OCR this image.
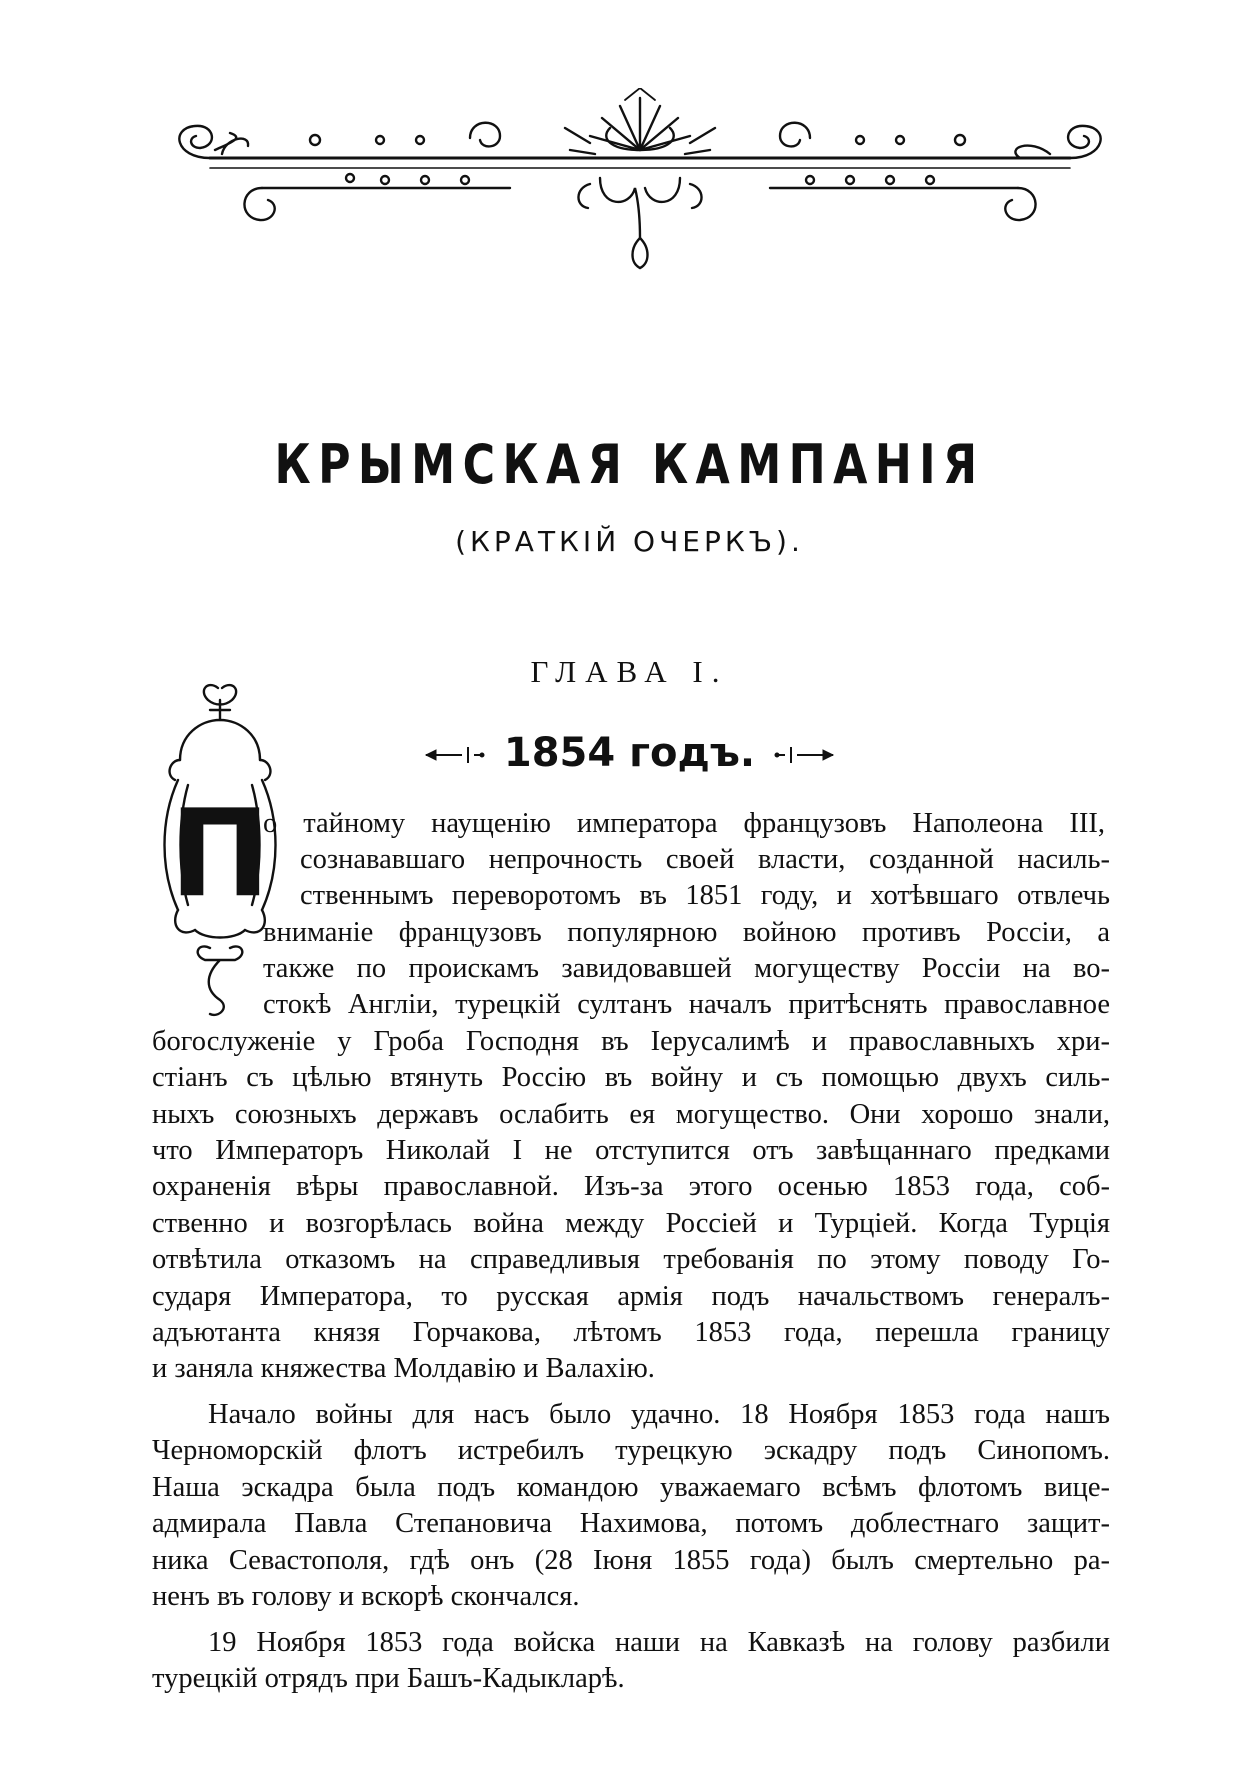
КРЫМСКАЯ КАМПАНІЯ
(КРАТКІЙ ОЧЕРКЪ).
ГЛАВА I.
1854 годъ.
П
о тайному наущенію императора французовъ Наполеона III,
сознававшаго непрочность своей власти, созданной насиль-
ственнымъ переворотомъ въ 1851 году, и хотѣвшаго отвлечь
вниманіе французовъ популярною войною противъ Россіи, а
также по проискамъ завидовавшей могуществу Россіи на во-
стокѣ Англіи, турецкій султанъ началъ притѣснять православное
богослуженіе у Гроба Господня въ Іерусалимѣ и православныхъ хри-
стіанъ съ цѣлью втянуть Россію въ войну и съ помощью двухъ силь-
ныхъ союзныхъ державъ ослабить ея могущество. Они хорошо знали,
что Императоръ Николай I не отступится отъ завѣщаннаго предками
охраненія вѣры православной. Изъ-за этого осенью 1853 года, соб-
ственно и возгорѣлась война между Россіей и Турціей. Когда Турція
отвѣтила отказомъ на справедливыя требованія по этому поводу Го-
сударя Императора, то русская армія подъ начальствомъ генералъ-
адъютанта князя Горчакова, лѣтомъ 1853 года, перешла границу
и заняла княжества Молдавію и Валахію.
Начало войны для насъ было удачно. 18 Ноября 1853 года нашъ
Черноморскій флотъ истребилъ турецкую эскадру подъ Синопомъ.
Наша эскадра была подъ командою уважаемаго всѣмъ флотомъ вице-
адмирала Павла Степановича Нахимова, потомъ доблестнаго защит-
ника Севастополя, гдѣ онъ (28 Іюня 1855 года) былъ смертельно ра-
ненъ въ голову и вскорѣ скончался.
19 Ноября 1853 года войска наши на Кавказѣ на голову разбили
турецкій отрядъ при Башъ-Кадыкларѣ.
